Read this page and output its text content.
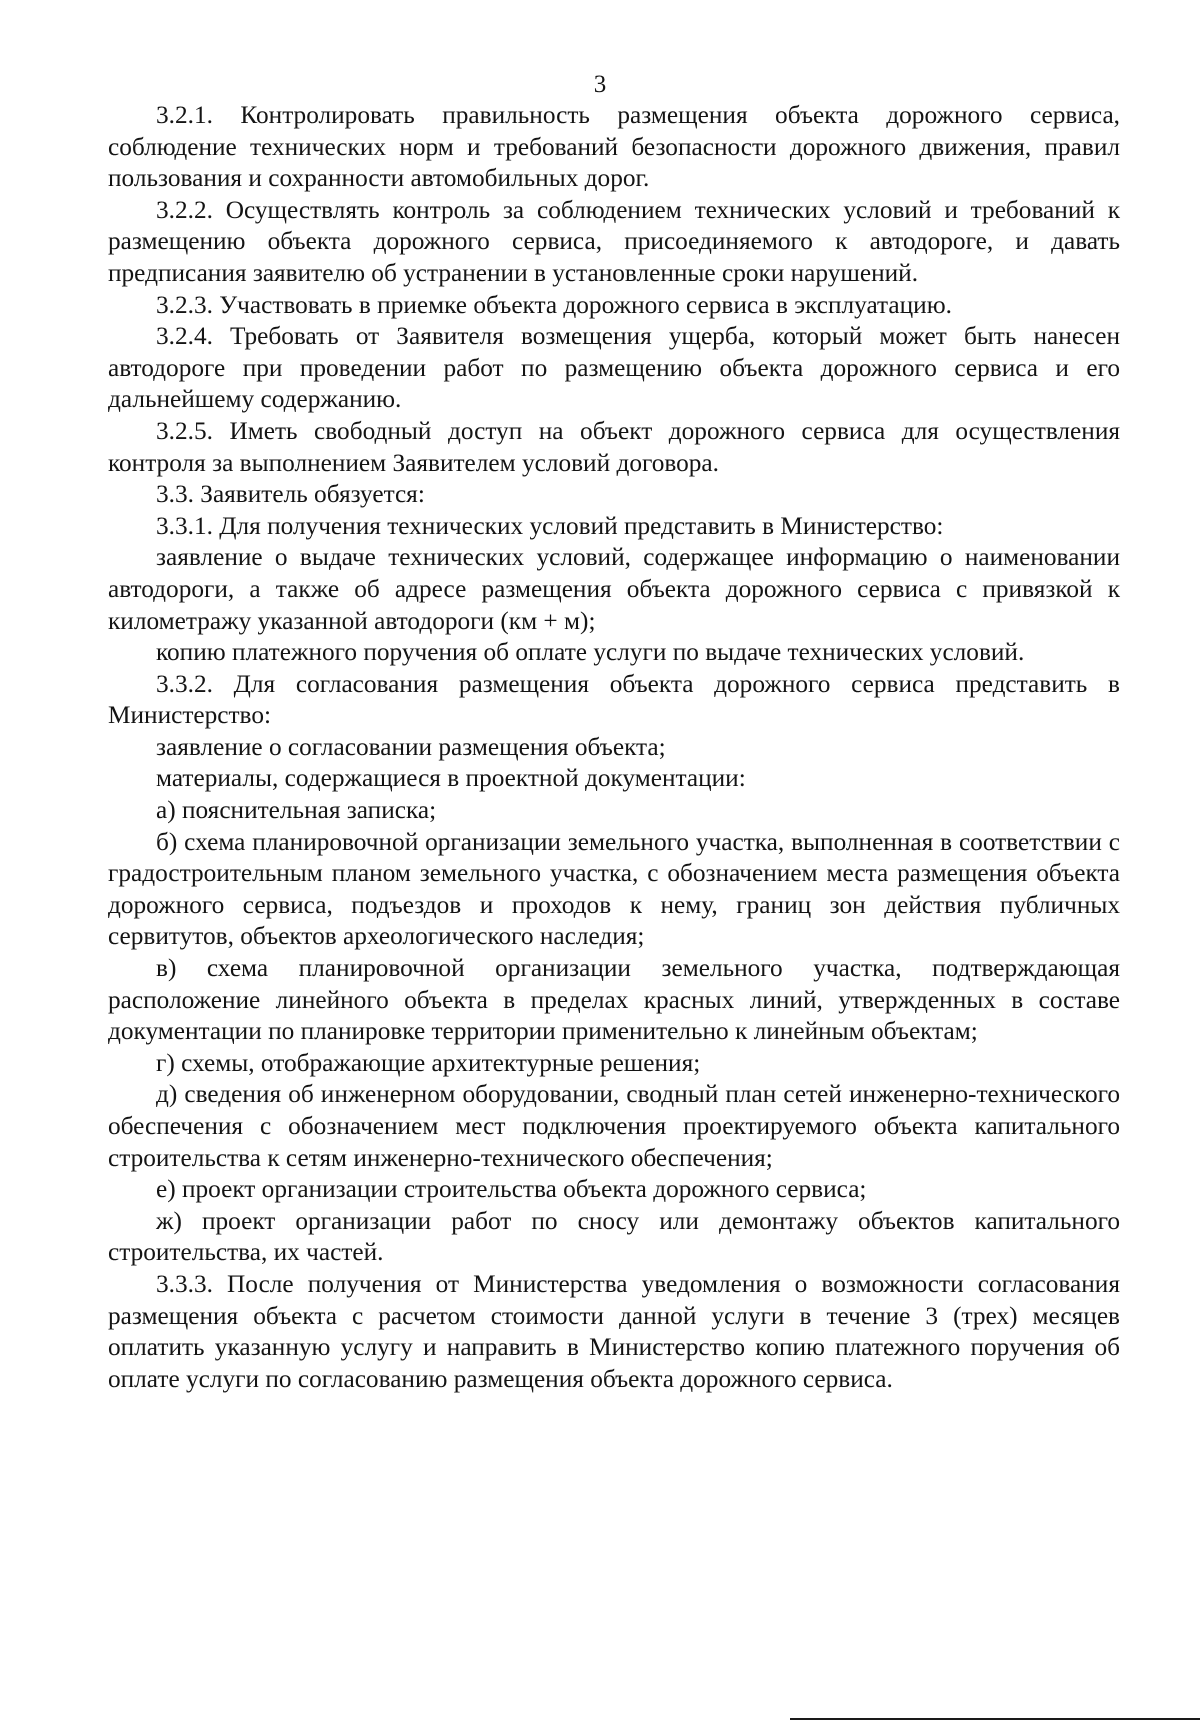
3

3.2.1. Контролировать правильность размещения объекта дорожного сервиса, соблюдение технических норм и требований безопасности дорожного движения, правил пользования и сохранности автомобильных дорог.

3.2.2. Осуществлять контроль за соблюдением технических условий и требований к размещению объекта дорожного сервиса, присоединяемого к автодороге, и давать предписания заявителю об устранении в установленные сроки нарушений.

3.2.3. Участвовать в приемке объекта дорожного сервиса в эксплуатацию.

3.2.4. Требовать от Заявителя возмещения ущерба, который может быть нанесен автодороге при проведении работ по размещению объекта дорожного сервиса и его дальнейшему содержанию.

3.2.5. Иметь свободный доступ на объект дорожного сервиса для осуществления контроля за выполнением Заявителем условий договора.

3.3. Заявитель обязуется:

3.3.1. Для получения технических условий представить в Министерство:

заявление о выдаче технических условий, содержащее информацию о наименовании автодороги, а также об адресе размещения объекта дорожного сервиса с привязкой к километражу указанной автодороги (км + м);

копию платежного поручения об оплате услуги по выдаче технических условий.

3.3.2. Для согласования размещения объекта дорожного сервиса представить в Министерство:

заявление о согласовании размещения объекта;

материалы, содержащиеся в проектной документации:

а) пояснительная записка;

б) схема планировочной организации земельного участка, выполненная в соответствии с градостроительным планом земельного участка, с обозначением места размещения объекта дорожного сервиса, подъездов и проходов к нему, границ зон действия публичных сервитутов, объектов археологического наследия;

в) схема планировочной организации земельного участка, подтверждающая расположение линейного объекта в пределах красных линий, утвержденных в составе документации по планировке территории применительно к линейным объектам;

г) схемы, отображающие архитектурные решения;

д) сведения об инженерном оборудовании, сводный план сетей инженерно-технического обеспечения с обозначением мест подключения проектируемого объекта капитального строительства к сетям инженерно-технического обеспечения;

е) проект организации строительства объекта дорожного сервиса;

ж) проект организации работ по сносу или демонтажу объектов капитального строительства, их частей.

3.3.3. После получения от Министерства уведомления о возможности согласования размещения объекта с расчетом стоимости данной услуги в течение 3 (трех) месяцев оплатить указанную услугу и направить в Министерство копию платежного поручения об оплате услуги по согласованию размещения объекта дорожного сервиса.
